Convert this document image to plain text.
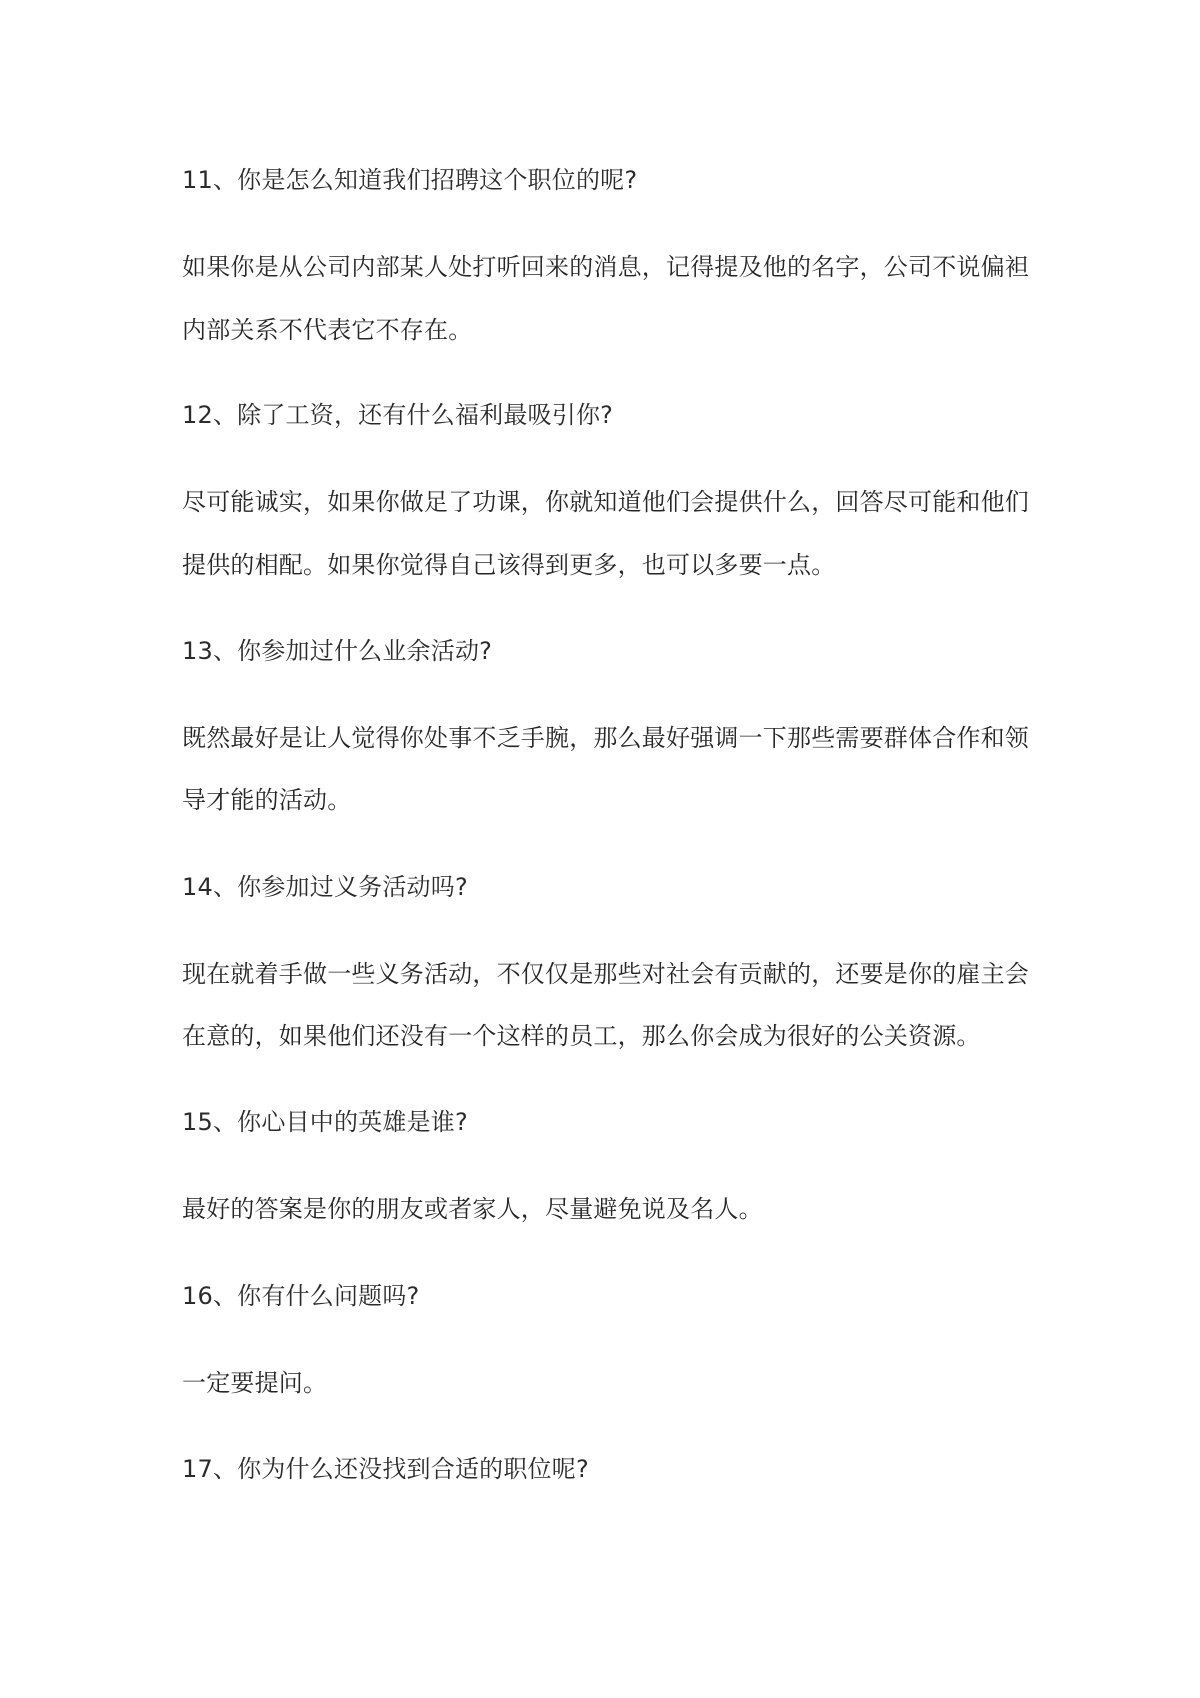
11、你是怎么知道我们招聘这个职位的呢?
如果你是从公司内部某人处打听回来的消息，记得提及他的名字，公司不说偏袒
内部关系不代表它不存在。
12、除了工资，还有什么福利最吸引你?
尽可能诚实，如果你做足了功课，你就知道他们会提供什么，回答尽可能和他们
提供的相配。如果你觉得自己该得到更多，也可以多要一点。
13、你参加过什么业余活动?
既然最好是让人觉得你处事不乏手腕，那么最好强调一下那些需要群体合作和领
导才能的活动。
14、你参加过义务活动吗?
现在就着手做一些义务活动，不仅仅是那些对社会有贡献的，还要是你的雇主会
在意的，如果他们还没有一个这样的员工，那么你会成为很好的公关资源。
15、你心目中的英雄是谁?
最好的答案是你的朋友或者家人，尽量避免说及名人。
16、你有什么问题吗?
一定要提问。
17、你为什么还没找到合适的职位呢?
